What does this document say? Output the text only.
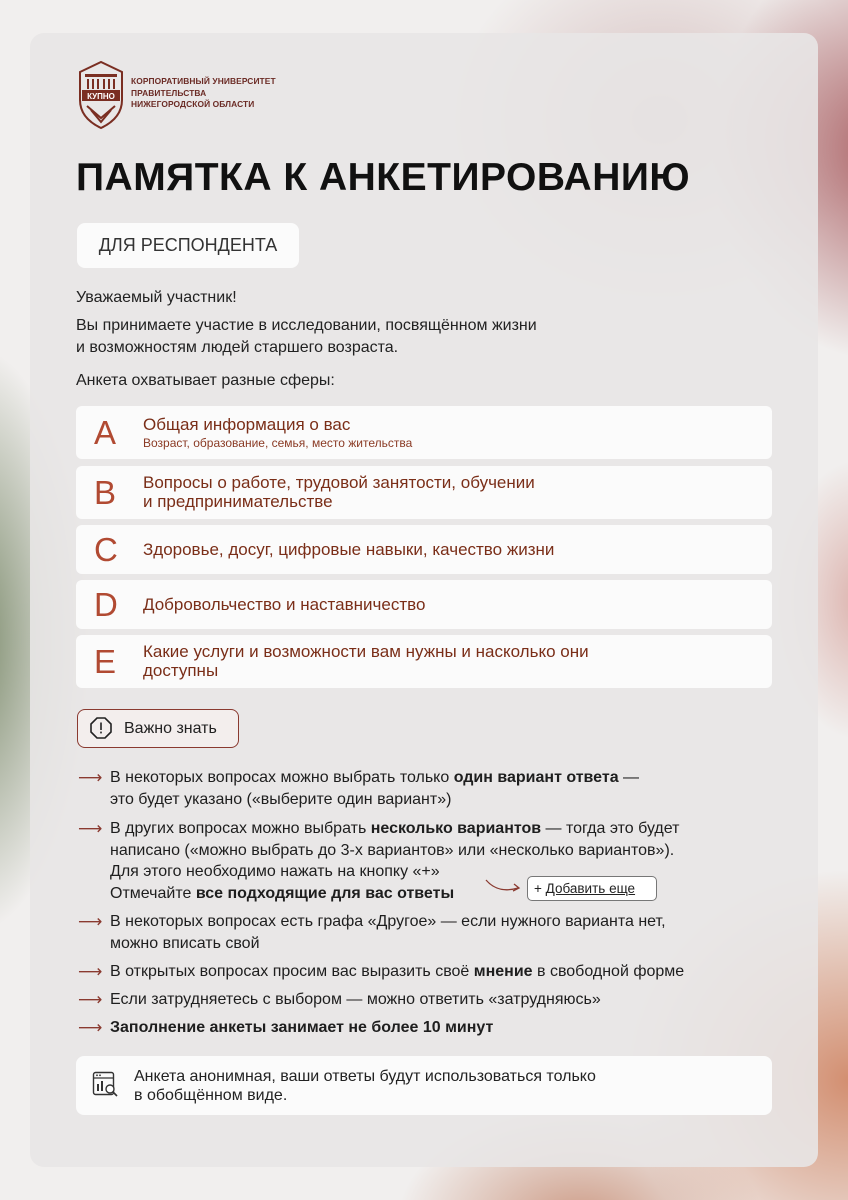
КУПНО
КОРПОРАТИВНЫЙ УНИВЕРСИТЕТ
ПРАВИТЕЛЬСТВА
НИЖЕГОРОДСКОЙ ОБЛАСТИ
ПАМЯТКА К АНКЕТИРОВАНИЮ
ДЛЯ РЕСПОНДЕНТА
Уважаемый участник!
Вы принимаете участие в исследовании, посвящённом жизни
и возможностям людей старшего возраста.
Анкета охватывает разные сферы:
A Общая информация о вас
Возраст, образование, семья, место жительства
B Вопросы о работе, трудовой занятости, обучении
и предпринимательстве
C Здоровье, досуг, цифровые навыки, качество жизни
D Добровольчество и наставничество
E Какие услуги и возможности вам нужны и насколько они
доступны
Важно знать
⟶ В некоторых вопросах можно выбрать только один вариант ответа —
это будет указано («выберите один вариант»)
⟶ В других вопросах можно выбрать несколько вариантов — тогда это будет
написано («можно выбрать до 3-х вариантов» или «несколько вариантов»).
Для этого необходимо нажать на кнопку «+»
Отмечайте все подходящие для вас ответы	+ Добавить еще
⟶ В некоторых вопросах есть графа «Другое» — если нужного варианта нет,
можно вписать свой
⟶ В открытых вопросах просим вас выразить своё мнение в свободной форме
⟶ Если затрудняетесь с выбором — можно ответить «затрудняюсь»
⟶ Заполнение анкеты занимает не более 10 минут
Анкета анонимная, ваши ответы будут использоваться только
в обобщённом виде.
